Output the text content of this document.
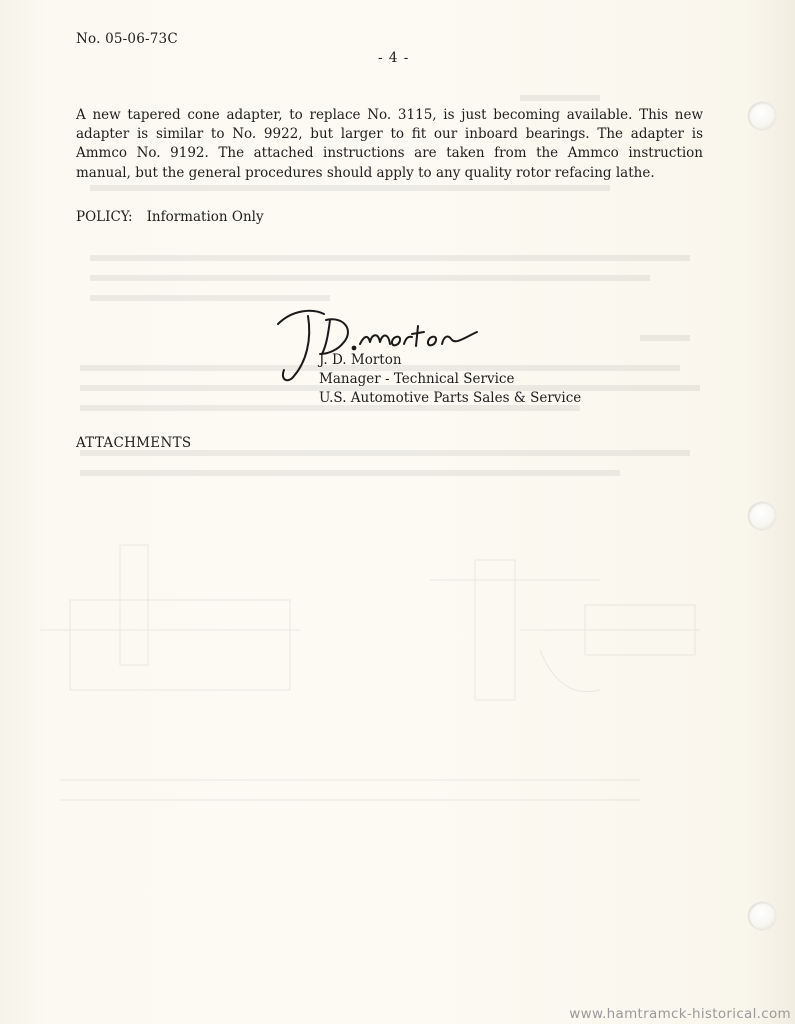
No. 05-06-73C
- 4 -

A new tapered cone adapter, to replace No. 3115, is just becoming available. This new adapter is similar to No. 9922, but larger to fit our inboard bearings. The adapter is Ammco No. 9192. The attached instructions are taken from the Ammco instruction manual, but the general procedures should apply to any quality rotor refacing lathe.

POLICY: Information Only
J. D. Morton
Manager - Technical Service
U.S. Automotive Parts Sales & Service
ATTACHMENTS
www.hamtramck-historical.com
